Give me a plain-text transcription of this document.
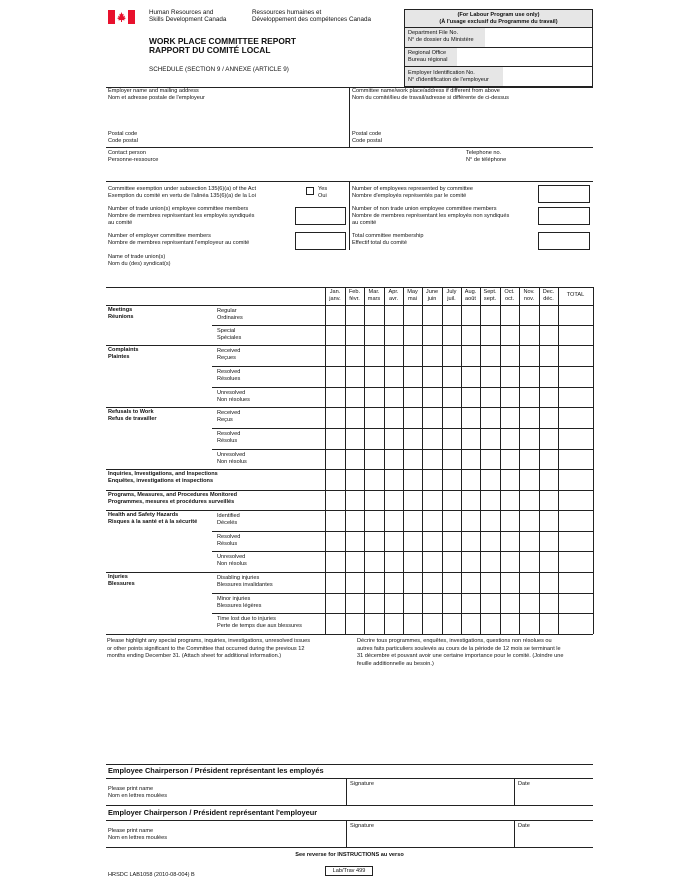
Human Resources and
Skills Development Canada
Ressources humaines et
Développement des compétences Canada
WORK PLACE COMMITTEE REPORT
RAPPORT DU COMITÉ LOCAL
SCHEDULE (SECTION 9 / ANNEXE (ARTICLE 9)
(For Labour Program use only)
(À l'usage exclusif du Programme du travail)
Department File No.
N° de dossier du Ministère
Regional Office
Bureau régional
Employer Identification No.
N° d'identification de l'employeur
Employer name and mailing address
Nom et adresse postale de l'employeur
Committee name/work place/address if different from above
Nom du comité/lieu de travail/adresse si différente de ci-dessus
Postal code
Code postal
Postal code
Code postal
Contact person
Personne-ressource
Telephone no.
N° de téléphone
Committee exemption under subsection 135(6)(a) of the Act
Exemption du comité en vertu de l'alinéa 135(6)(a) de la Loi
Yes
Oui
Number of trade union(s) employee committee members
Nombre de membres représentant les employés syndiqués
au comité
Number of employer committee members
Nombre de membres représentant l'employeur au comité
Number of employees represented by committee
Nombre d'employés représentés par le comité
Number of non trade union employee committee members
Nombre de membres représentant les employés non syndiqués
au comité
Total committee membership
Effectif total du comité
Name of trade union(s)
Nom du (des) syndicat(s)
Jan.
janv.
Feb.
févr.
Mar.
mars
Apr.
avr.
May
mai
June
juin
July
juil.
Aug.
août
Sept.
sept.
Oct.
oct.
Nov.
nov.
Dec.
déc.
TOTAL
Meetings
Réunions
Regular
Ordinaires
Special
Spéciales
Complaints
Plaintes
Received
Reçues
Resolved
Résolues
Unresolved
Non résolues
Refusals to Work
Refus de travailler
Received
Reçus
Resolved
Résolus
Unresolved
Non résolus
Inquiries, Investigations, and Inspections
Enquêtes, investigations et inspections
Programs, Measures, and Procedures Monitored
Programmes, mesures et procédures surveillés
Health and Safety Hazards
Risques à la santé et à la sécurité
Identified
Décelés
Resolved
Résolus
Unresolved
Non résolus
Injuries
Blessures
Disabling injuries
Blessures invalidantes
Minor injuries
Blessures légères
Time lost due to injuries
Perte de temps due aux blessures
Please highlight any special programs, inquiries, investigations, unresolved issues
or other points significant to the Committee that occurred during the previous 12
months ending December 31. (Attach sheet for additional information.)
Décrire tous programmes, enquêtes, investigations, questions non résolues ou
autres faits particuliers soulevés au cours de la période de 12 mois se terminant le
31 décembre et pouvant avoir une certaine importance pour le comité. (Joindre une
feuille additionnelle au besoin.)
Employee Chairperson / Président représentant les employés
Please print name
Nom en lettres moulées
Signature	Date
Employer Chairperson / Président représentant l'employeur
Please print name
Nom en lettres moulées
Signature	Date
See reverse for INSTRUCTIONS au verso
HRSDC LAB1058 (2010-08-004) B
Lab/Trav 499
